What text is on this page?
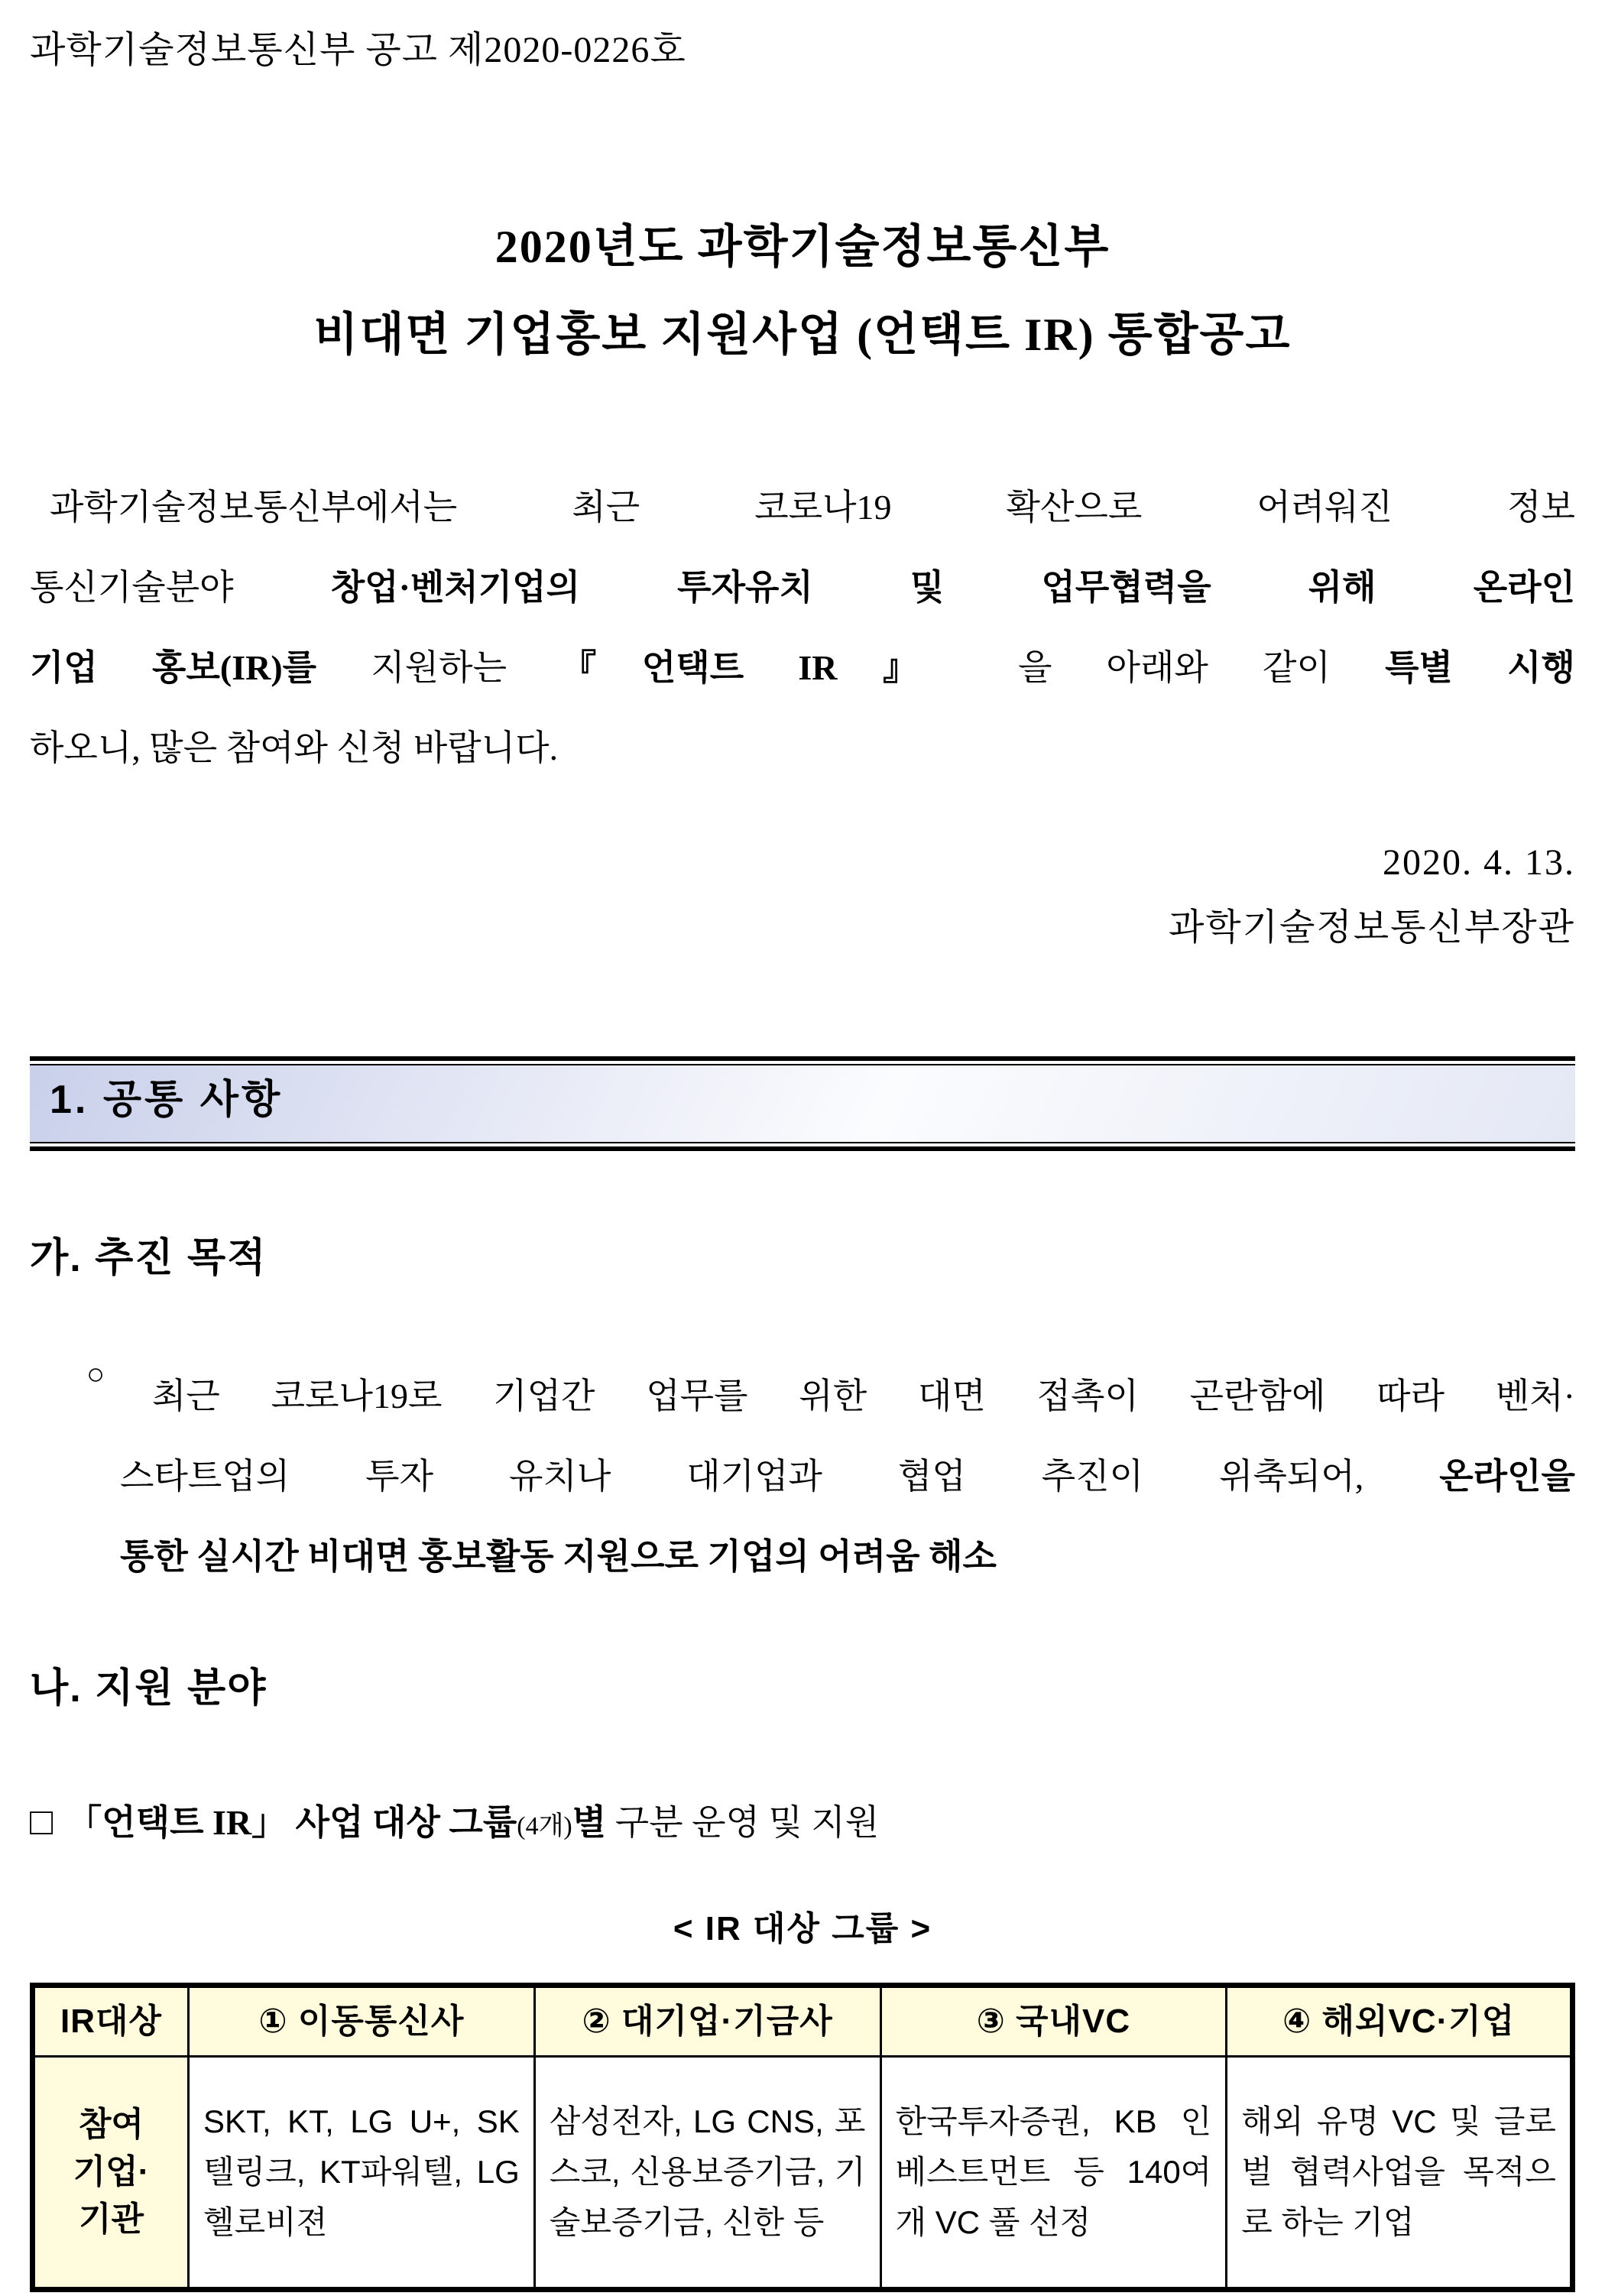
과학기술정보통신부 공고 제2020-0226호
2020년도 과학기술정보통신부
비대면 기업홍보 지원사업 (언택트 IR) 통합공고
과학기술정보통신부에서는 최근 코로나19 확산으로 어려워진 정보
통신기술분야 창업·벤처기업의 투자유치 및 업무협력을 위해 온라인
기업 홍보(IR)를 지원하는 『언택트 IR』 을 아래와 같이 특별 시행
하오니, 많은 참여와 신청 바랍니다.
2020. 4. 13.
과학기술정보통신부장관
1. 공통 사항
가. 추진 목적
○
최근 코로나19로 기업간 업무를 위한 대면 접촉이 곤란함에 따라 벤처·
스타트업의 투자 유치나 대기업과 협업 추진이 위축되어, 온라인을
통한 실시간 비대면 홍보활동 지원으로 기업의 어려움 해소
나. 지원 분야
□ 「언택트 IR」 사업 대상 그룹(4개)별 구분 운영 및 지원
< IR 대상 그룹 >
IR대상	① 이동통신사	② 대기업·기금사	③ 국내VC	④ 해외VC·기업

참여
기업·
기관	SKT, KT, LG U+, SK텔링크, KT파워텔, LG헬로비젼	삼성전자, LG CNS, 포스코, 신용보증기금, 기술보증기금, 신한 등	한국투자증권, KB 인베스트먼트 등 140여개 VC 풀 선정	해외 유명 VC 및 글로벌 협력사업을 목적으로 하는 기업
